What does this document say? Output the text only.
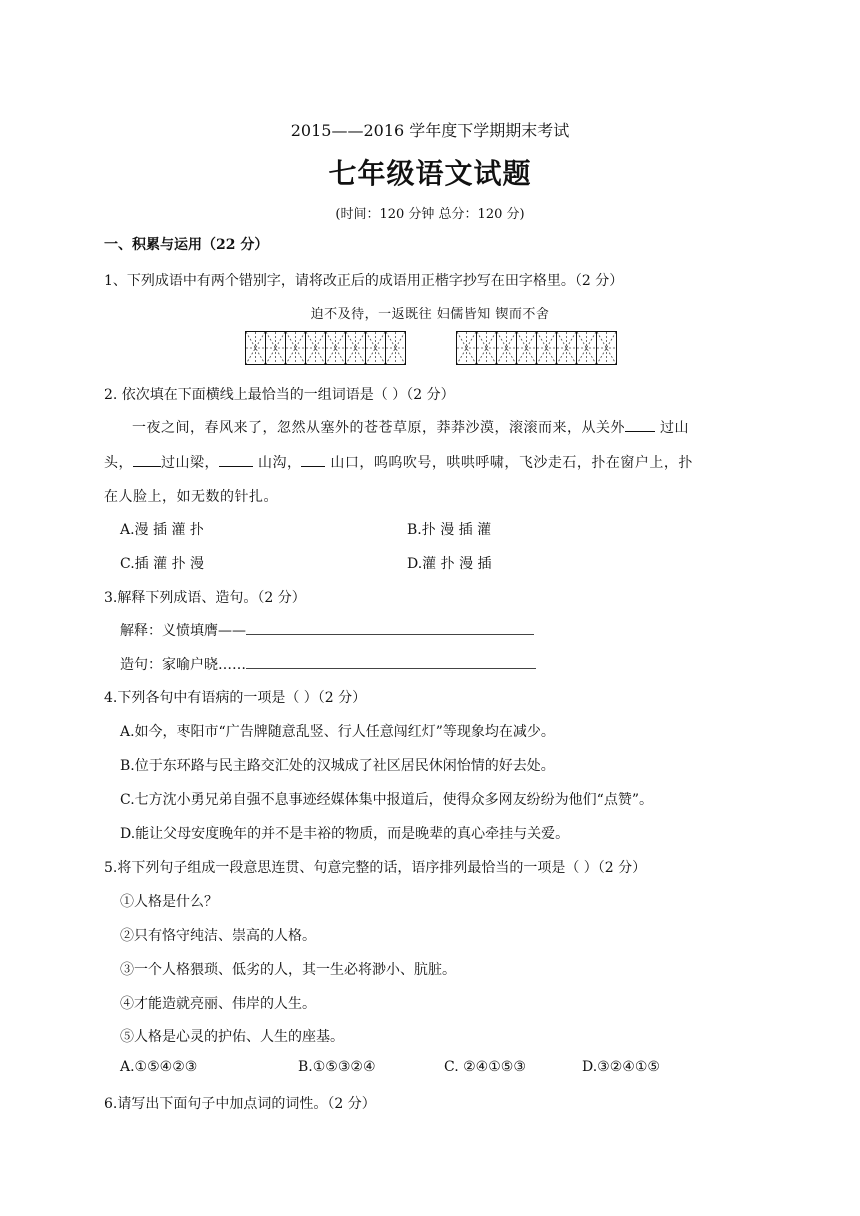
2015——2016 学年度下学期期末考试
七年级语文试题
(时间：120 分钟 总分：120 分)
一、积累与运用（22 分）
1、下列成语中有两个错别字，请将改正后的成语用正楷字抄写在田字格里。（2 分）
迫不及待，一返既往 妇儒皆知 锲而不舍
2. 依次填在下面横线上最恰当的一组词语是（ ）（2 分）
一夜之间，春风来了，忽然从塞外的苍苍草原，莽莽沙漠，滚滚而来，从关外 过山
头， 过山梁， 山沟， 山口，呜呜吹号，哄哄呼啸，飞沙走石，扑在窗户上，扑
在人脸上，如无数的针扎。
A.漫 插 灌 扑	B.扑 漫 插 灌
C.插 灌 扑 漫	D.灌 扑 漫 插
3.解释下列成语、造句。（2 分）
解释：义愤填膺——
造句：家喻户晓……
4.下列各句中有语病的一项是（ ）（2 分）
A.如今，枣阳市“广告牌随意乱竖、行人任意闯红灯”等现象均在减少。
B.位于东环路与民主路交汇处的汉城成了社区居民休闲怡情的好去处。
C.七方沈小勇兄弟自强不息事迹经媒体集中报道后，使得众多网友纷纷为他们“点赞”。
D.能让父母安度晚年的并不是丰裕的物质，而是晚辈的真心牵挂与关爱。
5.将下列句子组成一段意思连贯、句意完整的话，语序排列最恰当的一项是（ ）（2 分）
①人格是什么？
②只有恪守纯洁、崇高的人格。
③一个人格猥琐、低劣的人，其一生必将渺小、肮脏。
④才能造就亮丽、伟岸的人生。
⑤人格是心灵的护佑、人生的座基。
A.①⑤④②③	B.①⑤③②④	C. ②④①⑤③	D.③②④①⑤
6.请写出下面句子中加点词的词性。（2 分）
